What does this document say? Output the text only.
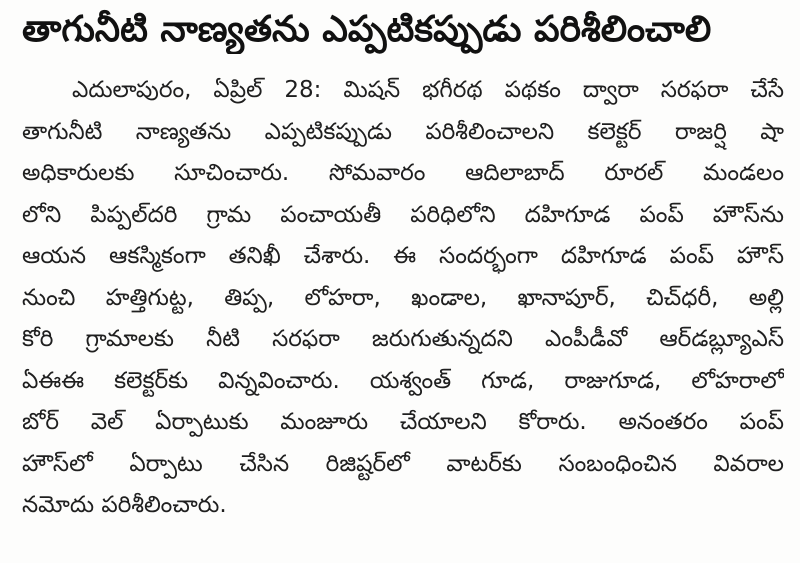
తాగునీటి నాణ్యతను ఎప్పటికప్పుడు పరిశీలించాలి
ఎదులాపురం, ఏప్రిల్ 28: మిషన్ భగీరథ పథకం ద్వారా సరఫరా చేసే
తాగునీటి నాణ్యతను ఎప్పటికప్పుడు పరిశీలించాలని కలెక్టర్ రాజర్షి షా
అధికారులకు సూచించారు. సోమవారం ఆదిలాబాద్ రూరల్ మండలం
లోని పిప్పల్‌దరి గ్రామ పంచాయతీ పరిధిలోని దహిగూడ పంప్ హౌస్‌ను
ఆయన ఆకస్మికంగా తనిఖీ చేశారు. ఈ సందర్భంగా దహిగూడ పంప్ హౌస్
నుంచి హత్తిగుట్ట, తిప్ప, లోహరా, ఖండాల, ఖానాపూర్, చిచ్‌ధరీ, అల్లి
కోరి గ్రామాలకు నీటి సరఫరా జరుగుతున్నదని ఎంపీడీవో ఆర్‌డబ్ల్యూఎస్
ఏఈఈ కలెక్టర్‌కు విన్నవించారు. యశ్వంత్ గూడ, రాజుగూడ, లోహరాలో
బోర్ వెల్ ఏర్పాటుకు మంజూరు చేయాలని కోరారు. అనంతరం పంప్
హౌస్‌లో ఏర్పాటు చేసిన రిజిష్టర్‌లో వాటర్‌కు సంబంధించిన వివరాల
నమోదు పరిశీలించారు.
